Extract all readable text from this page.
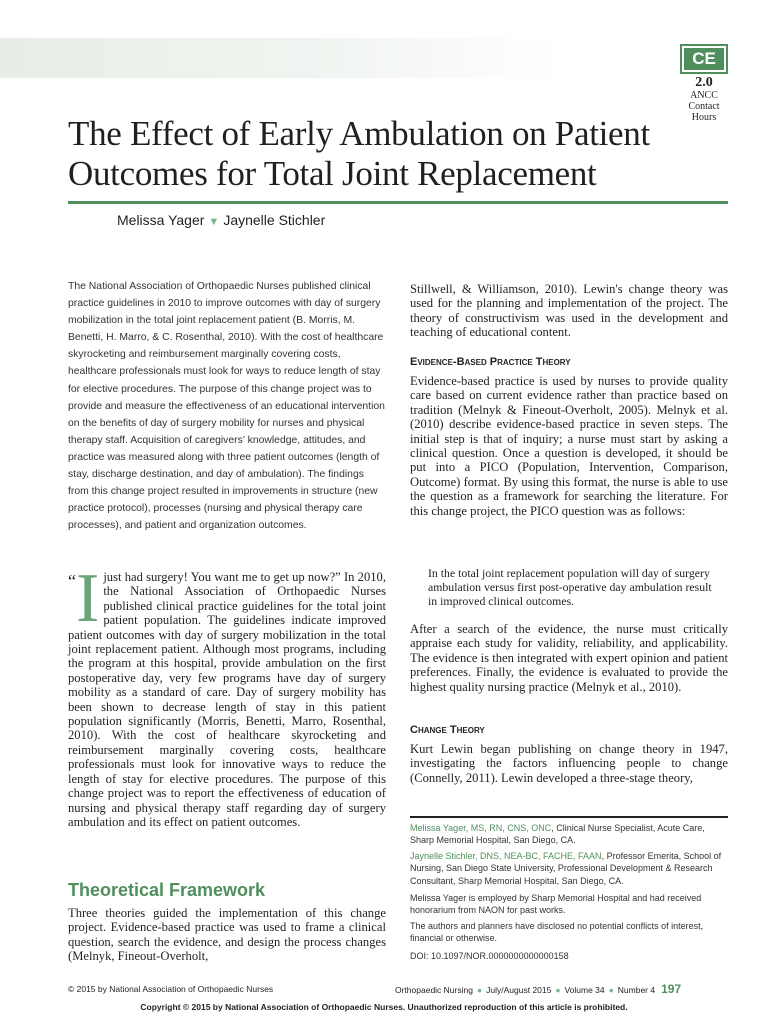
CE
2.0
ANCC
Contact
Hours
The Effect of Early Ambulation on Patient Outcomes for Total Joint Replacement
Melissa Yager ▼ Jaynelle Stichler

The National Association of Orthopaedic Nurses published clinical practice guidelines in 2010 to improve outcomes with day of surgery mobilization in the total joint replacement patient (B. Morris, M. Benetti, H. Marro, & C. Rosenthal, 2010). With the cost of healthcare skyrocketing and reimbursement marginally covering costs, healthcare professionals must look for ways to reduce length of stay for elective procedures. The purpose of this change project was to provide and measure the effectiveness of an educational intervention on the benefits of day of surgery mobility for nurses and physical therapy staff. Acquisition of caregivers’ knowledge, attitudes, and practice was measured along with three patient outcomes (length of stay, discharge destination, and day of ambulation). The findings from this change project resulted in improvements in structure (new practice protocol), processes (nursing and physical therapy care processes), and patient and organization outcomes.

“I just had surgery! You want me to get up now?” In 2010, the National Association of Orthopaedic Nurses published clinical practice guidelines for the total joint patient population. The guidelines indicate improved patient outcomes with day of surgery mobilization in the total joint replacement patient. Although most programs, including the program at this hospital, provide ambulation on the first postoperative day, very few programs have day of surgery mobility as a standard of care. Day of surgery mobility has been shown to decrease length of stay in this patient population significantly (Morris, Benetti, Marro, Rosenthal, 2010). With the cost of healthcare skyrocketing and reimbursement marginally covering costs, healthcare professionals must look for innovative ways to reduce the length of stay for elective procedures. The purpose of this change project was to report the effectiveness of education of nursing and physical therapy staff regarding day of surgery ambulation and its effect on patient outcomes.

Theoretical Framework

Three theories guided the implementation of this change project. Evidence-based practice was used to frame a clinical question, search the evidence, and design the process changes (Melnyk, Fineout-Overholt,

Stillwell, & Williamson, 2010). Lewin's change theory was used for the planning and implementation of the project. The theory of constructivism was used in the development and teaching of educational content.

Evidence-Based Practice Theory

Evidence-based practice is used by nurses to provide quality care based on current evidence rather than practice based on tradition (Melnyk & Fineout-Overholt, 2005). Melnyk et al. (2010) describe evidence-based practice in seven steps. The initial step is that of inquiry; a nurse must start by asking a clinical question. Once a question is developed, it should be put into a PICO (Population, Intervention, Comparison, Outcome) format. By using this format, the nurse is able to use the question as a framework for searching the literature. For this change project, the PICO question was as follows:

In the total joint replacement population will day of surgery ambulation versus first post-operative day ambulation result in improved clinical outcomes.

After a search of the evidence, the nurse must critically appraise each study for validity, reliability, and applicability. The evidence is then integrated with expert opinion and patient preferences. Finally, the evidence is evaluated to provide the highest quality nursing practice (Melnyk et al., 2010).

Change Theory

Kurt Lewin began publishing on change theory in 1947, investigating the factors influencing people to change (Connelly, 2011). Lewin developed a three-stage theory,

Melissa Yager, MS, RN, CNS, ONC, Clinical Nurse Specialist, Acute Care, Sharp Memorial Hospital, San Diego, CA.

Jaynelle Stichler, DNS, NEA-BC, FACHE, FAAN, Professor Emerita, School of Nursing, San Diego State University, Professional Development & Research Consultant, Sharp Memorial Hospital, San Diego, CA.

Melissa Yager is employed by Sharp Memorial Hospital and had received honorarium from NAON for past works.

The authors and planners have disclosed no potential conflicts of interest, financial or otherwise.

DOI: 10.1097/NOR.0000000000000158

© 2015 by National Association of Orthopaedic Nurses	Orthopaedic Nursing ● July/August 2015 ● Volume 34 ● Number 4 197
Copyright © 2015 by National Association of Orthopaedic Nurses. Unauthorized reproduction of this article is prohibited.
